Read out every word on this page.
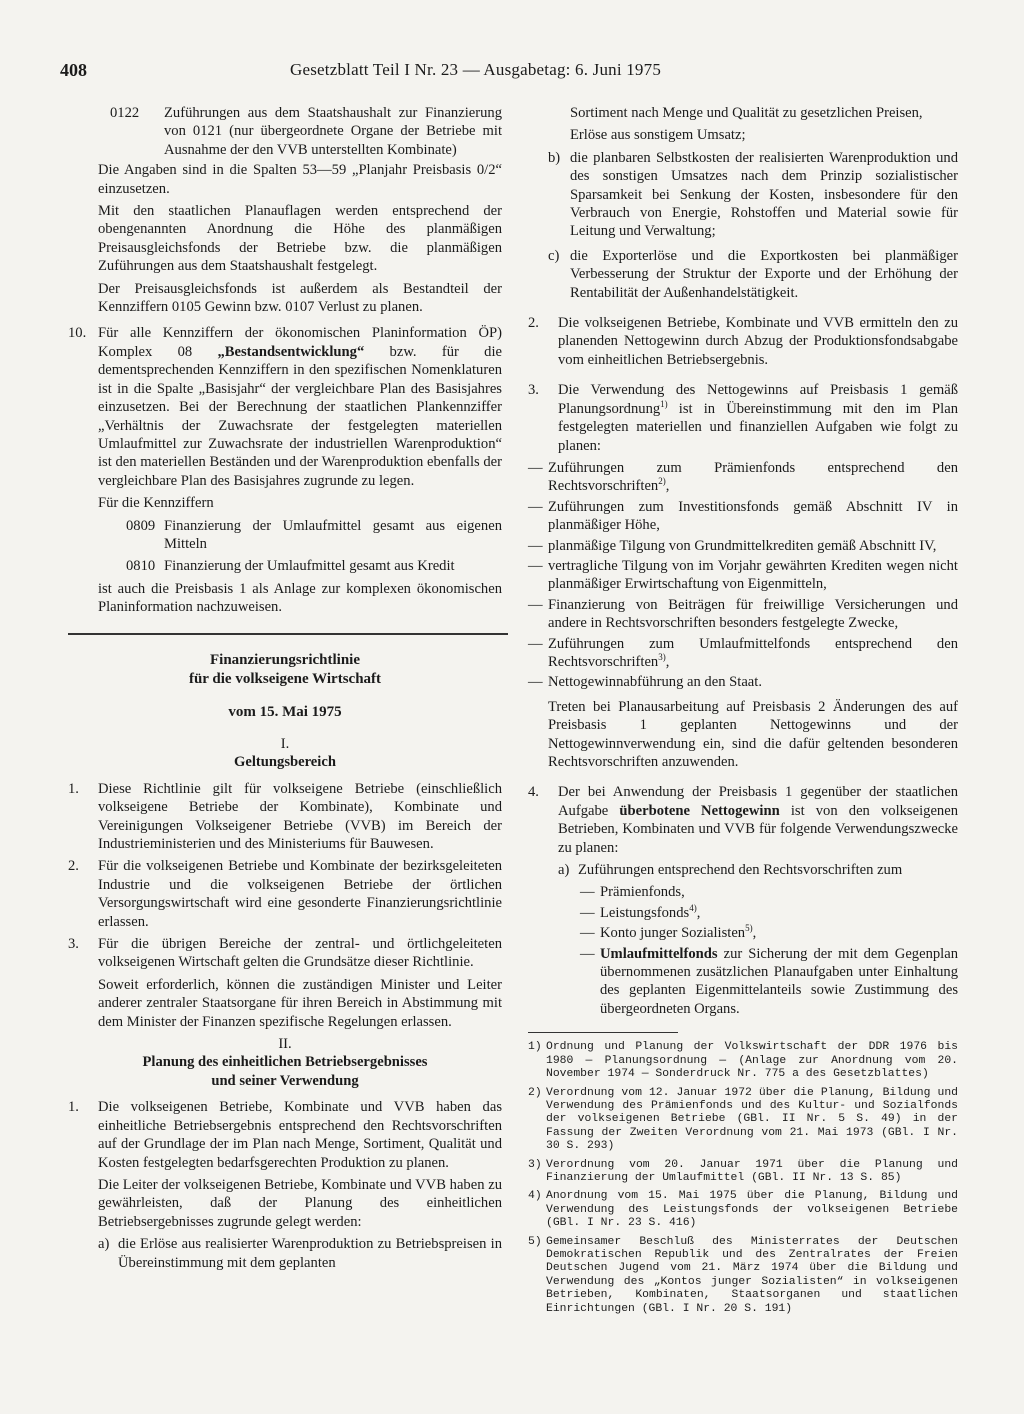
408	Gesetzblatt Teil I Nr. 23 — Ausgabetag: 6. Juni 1975
0122 Zuführungen aus dem Staatshaushalt zur Finanzierung von 0121 (nur übergeordnete Organe der Betriebe mit Ausnahme der den VVB unterstellten Kombinate)

Die Angaben sind in die Spalten 53—59 „Planjahr Preisbasis 0/2“ einzusetzen.

Mit den staatlichen Planauflagen werden entsprechend der obengenannten Anordnung die Höhe des planmäßigen Preisausgleichsfonds der Betriebe bzw. die planmäßigen Zuführungen aus dem Staatshaushalt festgelegt.

Der Preisausgleichsfonds ist außerdem als Bestandteil der Kennziffern 0105 Gewinn bzw. 0107 Verlust zu planen.

10. Für alle Kennziffern der ökonomischen Planinformation ÖP) Komplex 08 „Bestandsentwicklung“ bzw. für die dementsprechenden Kennziffern in den spezifischen Nomenklaturen ist in die Spalte „Basisjahr“ der vergleichbare Plan des Basisjahres einzusetzen. Bei der Berechnung der staatlichen Plankennziffer „Verhältnis der Zuwachsrate der festgelegten materiellen Umlaufmittel zur Zuwachsrate der industriellen Warenproduktion“ ist den materiellen Beständen und der Warenproduktion ebenfalls der vergleichbare Plan des Basisjahres zugrunde zu legen.

Für die Kennziffern

0809 Finanzierung der Umlaufmittel gesamt aus eigenen Mitteln
0810 Finanzierung der Umlaufmittel gesamt aus Kredit

ist auch die Preisbasis 1 als Anlage zur komplexen ökonomischen Planinformation nachzuweisen.

Finanzierungsrichtlinie
für die volkseigene Wirtschaft
vom 15. Mai 1975
I.
Geltungsbereich
1. Diese Richtlinie gilt für volkseigene Betriebe (einschließlich volkseigene Betriebe der Kombinate), Kombinate und Vereinigungen Volkseigener Betriebe (VVB) im Bereich der Industrieministerien und des Ministeriums für Bauwesen.
2. Für die volkseigenen Betriebe und Kombinate der bezirksgeleiteten Industrie und die volkseigenen Betriebe der örtlichen Versorgungswirtschaft wird eine gesonderte Finanzierungsrichtlinie erlassen.
3. Für die übrigen Bereiche der zentral- und örtlichgeleiteten volkseigenen Wirtschaft gelten die Grundsätze dieser Richtlinie.

Soweit erforderlich, können die zuständigen Minister und Leiter anderer zentraler Staatsorgane für ihren Bereich in Abstimmung mit dem Minister der Finanzen spezifische Regelungen erlassen.

II.
Planung des einheitlichen Betriebsergebnisses
und seiner Verwendung
1. Die volkseigenen Betriebe, Kombinate und VVB haben das einheitliche Betriebsergebnis entsprechend den Rechtsvorschriften auf der Grundlage der im Plan nach Menge, Sortiment, Qualität und Kosten festgelegten bedarfsgerechten Produktion zu planen.

Die Leiter der volkseigenen Betriebe, Kombinate und VVB haben zu gewährleisten, daß der Planung des einheitlichen Betriebsergebnisses zugrunde gelegt werden:

a) die Erlöse aus realisierter Warenproduktion zu Betriebspreisen in Übereinstimmung mit dem geplanten

Sortiment nach Menge und Qualität zu gesetzlichen Preisen,

Erlöse aus sonstigem Umsatz;

b) die planbaren Selbstkosten der realisierten Warenproduktion und des sonstigen Umsatzes nach dem Prinzip sozialistischer Sparsamkeit bei Senkung der Kosten, insbesondere für den Verbrauch von Energie, Rohstoffen und Material sowie für Leitung und Verwaltung;
c) die Exporterlöse und die Exportkosten bei planmäßiger Verbesserung der Struktur der Exporte und der Erhöhung der Rentabilität der Außenhandelstätigkeit.
2. Die volkseigenen Betriebe, Kombinate und VVB ermitteln den zu planenden Nettogewinn durch Abzug der Produktionsfondsabgabe vom einheitlichen Betriebsergebnis.
3. Die Verwendung des Nettogewinns auf Preisbasis 1 gemäß Planungsordnung$^{1)}$ ist in Übereinstimmung mit den im Plan festgelegten materiellen und finanziellen Aufgaben wie folgt zu planen:

— Zuführungen zum Prämienfonds entsprechend den Rechtsvorschriften$^{2)}$,
— Zuführungen zum Investitionsfonds gemäß Abschnitt IV in planmäßiger Höhe,
— planmäßige Tilgung von Grundmittelkrediten gemäß Abschnitt IV,
— vertragliche Tilgung von im Vorjahr gewährten Krediten wegen nicht planmäßiger Erwirtschaftung von Eigenmitteln,
— Finanzierung von Beiträgen für freiwillige Versicherungen und andere in Rechtsvorschriften besonders festgelegte Zwecke,
— Zuführungen zum Umlaufmittelfonds entsprechend den Rechtsvorschriften$^{3)}$,
— Nettogewinnabführung an den Staat.

Treten bei Planausarbeitung auf Preisbasis 2 Änderungen des auf Preisbasis 1 geplanten Nettogewinns und der Nettogewinnverwendung ein, sind die dafür geltenden besonderen Rechtsvorschriften anzuwenden.

4. Der bei Anwendung der Preisbasis 1 gegenüber der staatlichen Aufgabe überbotene Nettogewinn ist von den volkseigenen Betrieben, Kombinaten und VVB für folgende Verwendungszwecke zu planen:

a) Zuführungen entsprechend den Rechtsvorschriften zum
— Prämienfonds,
— Leistungsfonds$^{4)}$,
— Konto junger Sozialisten$^{5)}$,
— Umlaufmittelfonds zur Sicherung der mit dem Gegenplan übernommenen zusätzlichen Planaufgaben unter Einhaltung des geplanten Eigenmittelanteils sowie Zustimmung des übergeordneten Organs.
1) Ordnung und Planung der Volkswirtschaft der DDR 1976 bis 1980 — Planungsordnung — (Anlage zur Anordnung vom 20. November 1974 — Sonderdruck Nr. 775 a des Gesetzblattes)
2) Verordnung vom 12. Januar 1972 über die Planung, Bildung und Verwendung des Prämienfonds und des Kultur- und Sozialfonds der volkseigenen Betriebe (GBl. II Nr. 5 S. 49) in der Fassung der Zweiten Verordnung vom 21. Mai 1973 (GBl. I Nr. 30 S. 293)
3) Verordnung vom 20. Januar 1971 über die Planung und Finanzierung der Umlaufmittel (GBl. II Nr. 13 S. 85)
4) Anordnung vom 15. Mai 1975 über die Planung, Bildung und Verwendung des Leistungsfonds der volkseigenen Betriebe (GBl. I Nr. 23 S. 416)
5) Gemeinsamer Beschluß des Ministerrates der Deutschen Demokratischen Republik und des Zentralrates der Freien Deutschen Jugend vom 21. März 1974 über die Bildung und Verwendung des „Kontos junger Sozialisten“ in volkseigenen Betrieben, Kombinaten, Staatsorganen und staatlichen Einrichtungen (GBl. I Nr. 20 S. 191)
